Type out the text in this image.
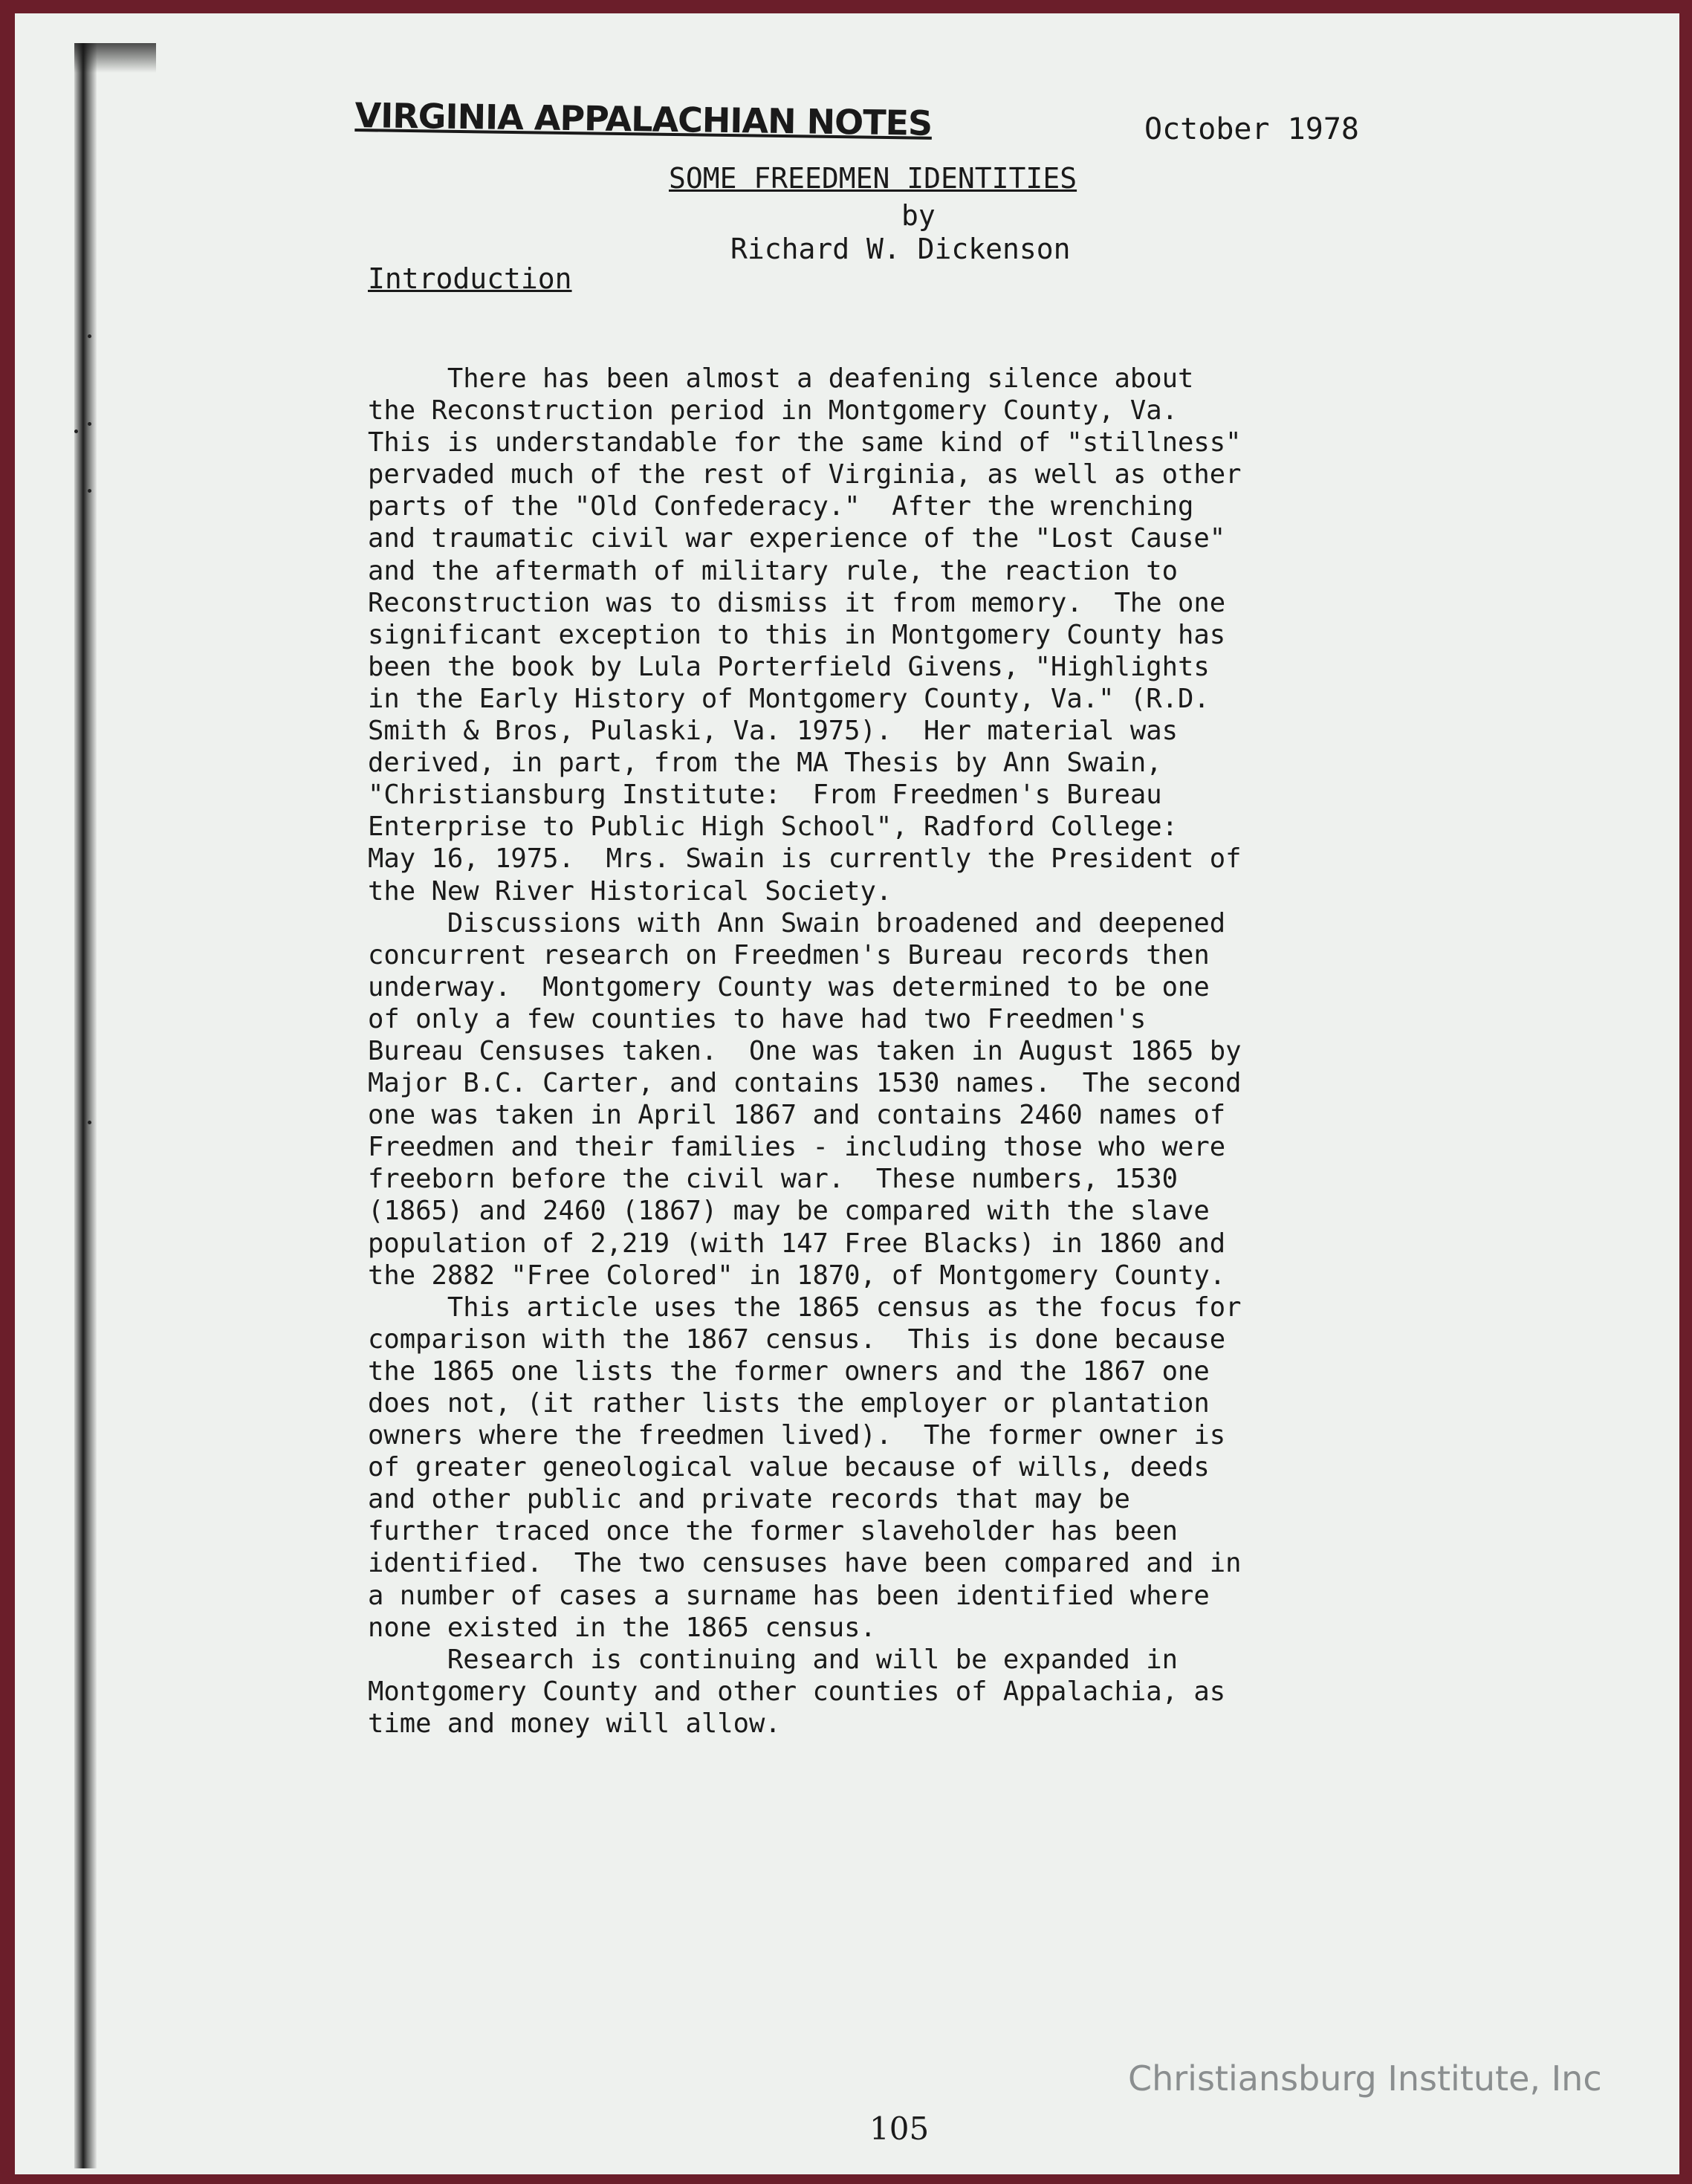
VIRGINIA APPALACHIAN NOTES	October 1978
SOME FREEDMEN IDENTITIES
by
Richard W. Dickenson
Introduction
There has been almost a deafening silence about
the Reconstruction period in Montgomery County, Va.
This is understandable for the same kind of "stillness"
pervaded much of the rest of Virginia, as well as other
parts of the "Old Confederacy."  After the wrenching
and traumatic civil war experience of the "Lost Cause"
and the aftermath of military rule, the reaction to
Reconstruction was to dismiss it from memory.  The one
significant exception to this in Montgomery County has
been the book by Lula Porterfield Givens, "Highlights
in the Early History of Montgomery County, Va." (R.D.
Smith & Bros, Pulaski, Va. 1975).  Her material was
derived, in part, from the MA Thesis by Ann Swain,
"Christiansburg Institute:  From Freedmen's Bureau
Enterprise to Public High School", Radford College:
May 16, 1975.  Mrs. Swain is currently the President of
the New River Historical Society.
Discussions with Ann Swain broadened and deepened
concurrent research on Freedmen's Bureau records then
underway.  Montgomery County was determined to be one
of only a few counties to have had two Freedmen's
Bureau Censuses taken.  One was taken in August 1865 by
Major B.C. Carter, and contains 1530 names.  The second
one was taken in April 1867 and contains 2460 names of
Freedmen and their families - including those who were
freeborn before the civil war.  These numbers, 1530
(1865) and 2460 (1867) may be compared with the slave
population of 2,219 (with 147 Free Blacks) in 1860 and
the 2882 "Free Colored" in 1870, of Montgomery County.
This article uses the 1865 census as the focus for
comparison with the 1867 census.  This is done because
the 1865 one lists the former owners and the 1867 one
does not, (it rather lists the employer or plantation
owners where the freedmen lived).  The former owner is
of greater geneological value because of wills, deeds
and other public and private records that may be
further traced once the former slaveholder has been
identified.  The two censuses have been compared and in
a number of cases a surname has been identified where
none existed in the 1865 census.
Research is continuing and will be expanded in
Montgomery County and other counties of Appalachia, as
time and money will allow.
105
Christiansburg Institute, Inc
